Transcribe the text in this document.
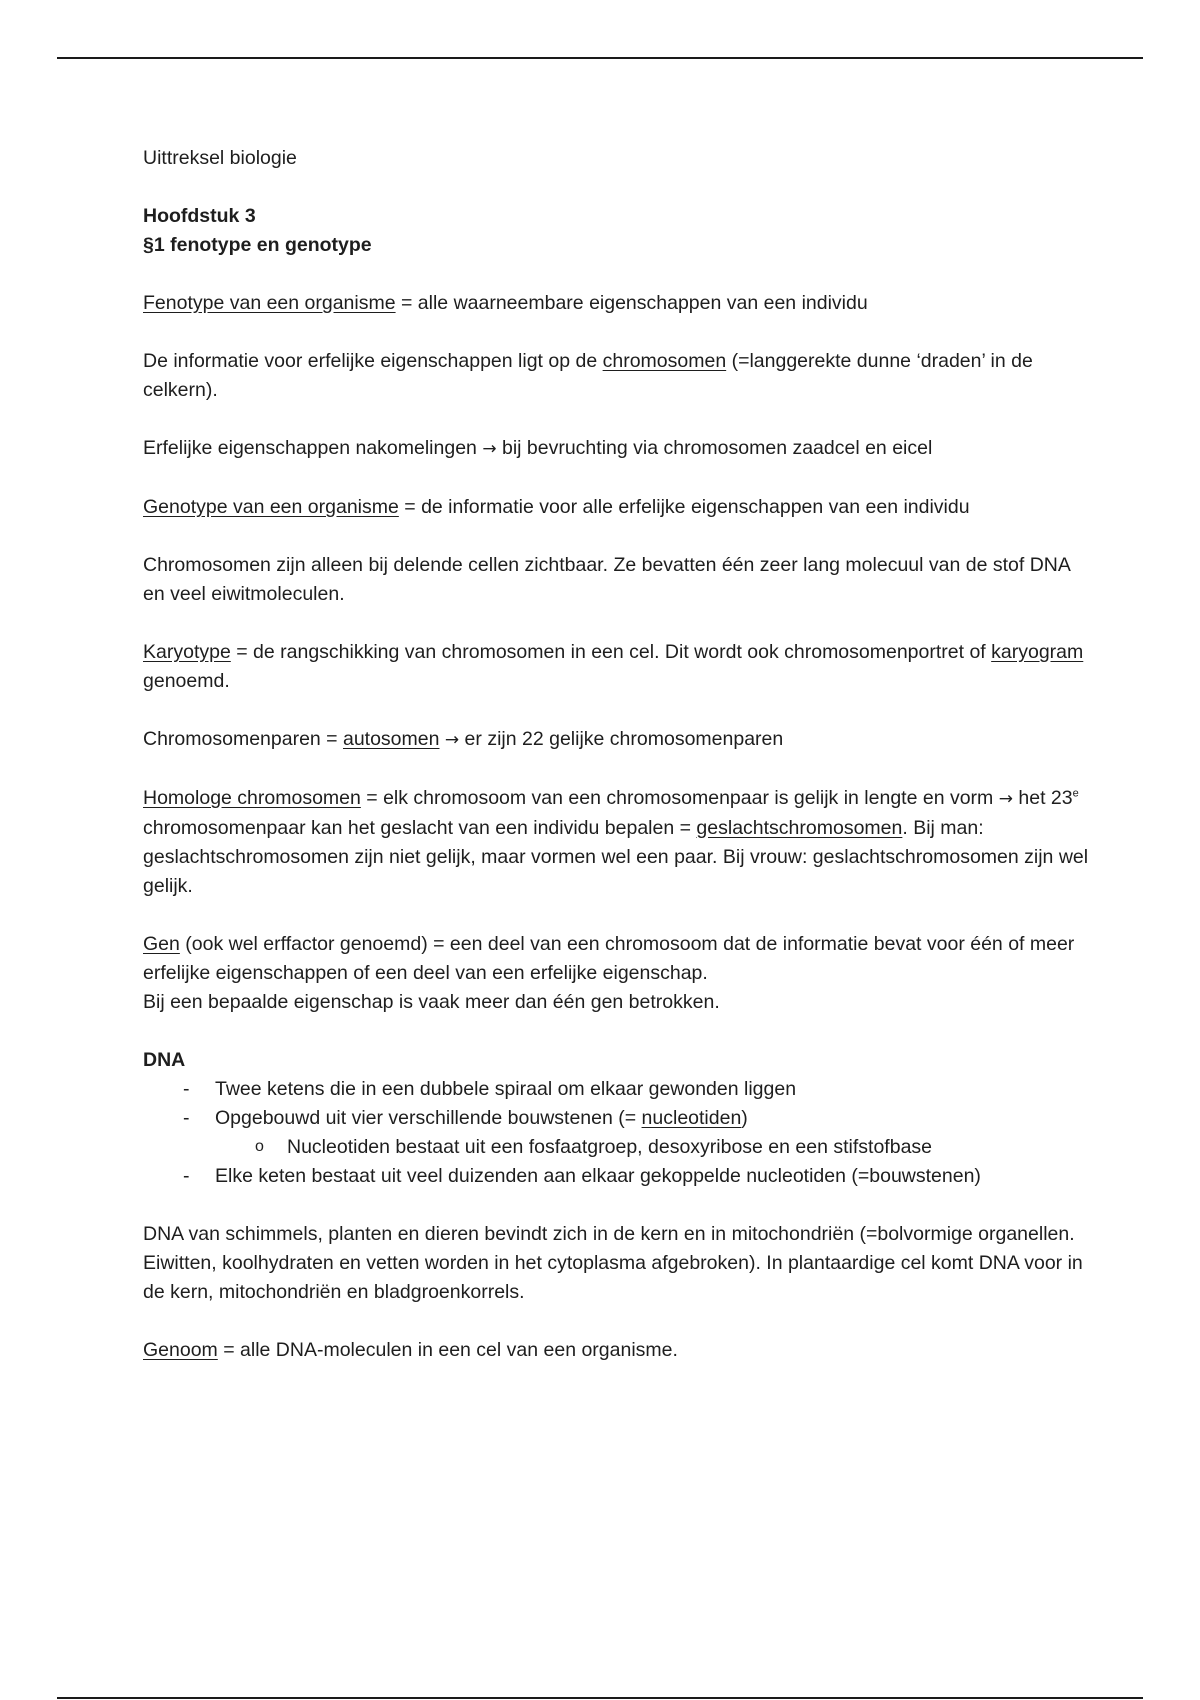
Uittreksel biologie

Hoofdstuk 3

§1 fenotype en genotype

Fenotype van een organisme = alle waarneembare eigenschappen van een individu

De informatie voor erfelijke eigenschappen ligt op de chromosomen (=langgerekte dunne ‘draden’ in de celkern).

Erfelijke eigenschappen nakomelingen → bij bevruchting via chromosomen zaadcel en eicel

Genotype van een organisme = de informatie voor alle erfelijke eigenschappen van een individu

Chromosomen zijn alleen bij delende cellen zichtbaar. Ze bevatten één zeer lang molecuul van de stof DNA en veel eiwitmoleculen.

Karyotype = de rangschikking van chromosomen in een cel. Dit wordt ook chromosomenportret of karyogram genoemd.

Chromosomenparen = autosomen → er zijn 22 gelijke chromosomenparen

Homologe chromosomen = elk chromosoom van een chromosomenpaar is gelijk in lengte en vorm → het 23e chromosomenpaar kan het geslacht van een individu bepalen = geslachtschromosomen. Bij man: geslachtschromosomen zijn niet gelijk, maar vormen wel een paar. Bij vrouw: geslachtschromosomen zijn wel gelijk.

Gen (ook wel erffactor genoemd) = een deel van een chromosoom dat de informatie bevat voor één of meer erfelijke eigenschappen of een deel van een erfelijke eigenschap.
Bij een bepaalde eigenschap is vaak meer dan één gen betrokken.

DNA

- Twee ketens die in een dubbele spiraal om elkaar gewonden liggen
- Opgebouwd uit vier verschillende bouwstenen (= nucleotiden)
o Nucleotiden bestaat uit een fosfaatgroep, desoxyribose en een stifstofbase
- Elke keten bestaat uit veel duizenden aan elkaar gekoppelde nucleotiden (=bouwstenen)

DNA van schimmels, planten en dieren bevindt zich in de kern en in mitochondriën (=bolvormige organellen. Eiwitten, koolhydraten en vetten worden in het cytoplasma afgebroken). In plantaardige cel komt DNA voor in de kern, mitochondriën en bladgroenkorrels.

Genoom = alle DNA-moleculen in een cel van een organisme.
